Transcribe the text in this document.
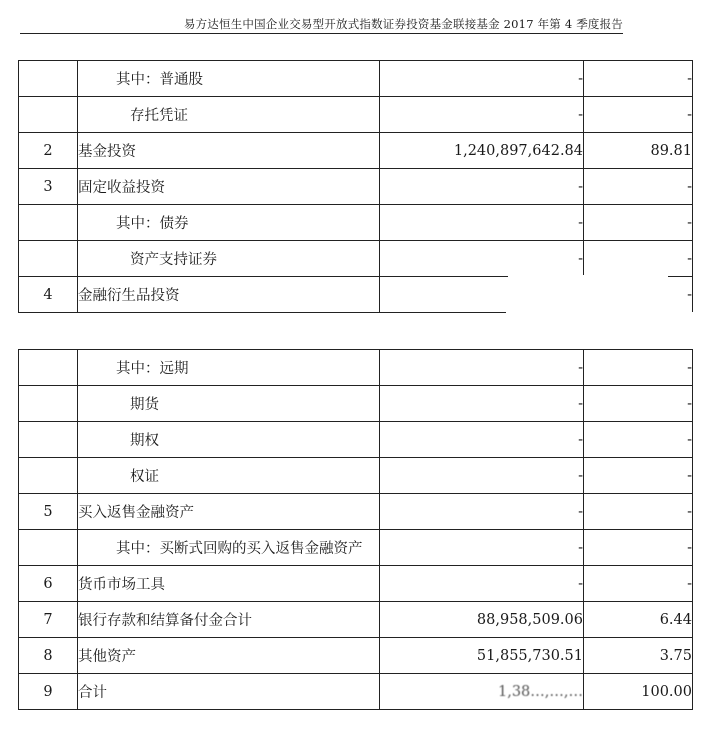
易方达恒生中国企业交易型开放式指数证券投资基金联接基金 2017 年第 4 季度报告
	其中：普通股	-	-
	存托凭证	-	-
2	基金投资	1,240,897,642.84	89.81
3	固定收益投资	-	-
	其中：债券	-	-
	资产支持证券	-	-
4	金融衍生品投资		-
	其中：远期	-	-
	期货	-	-
	期权	-	-
	权证	-	-
5	买入返售金融资产	-	-
	其中：买断式回购的买入返售金融资产	-	-
6	货币市场工具	-	-
7	银行存款和结算备付金合计	88,958,509.06	6.44
8	其他资产	51,855,730.51	3.75
9	合计	1,38…,…,…	100.00
